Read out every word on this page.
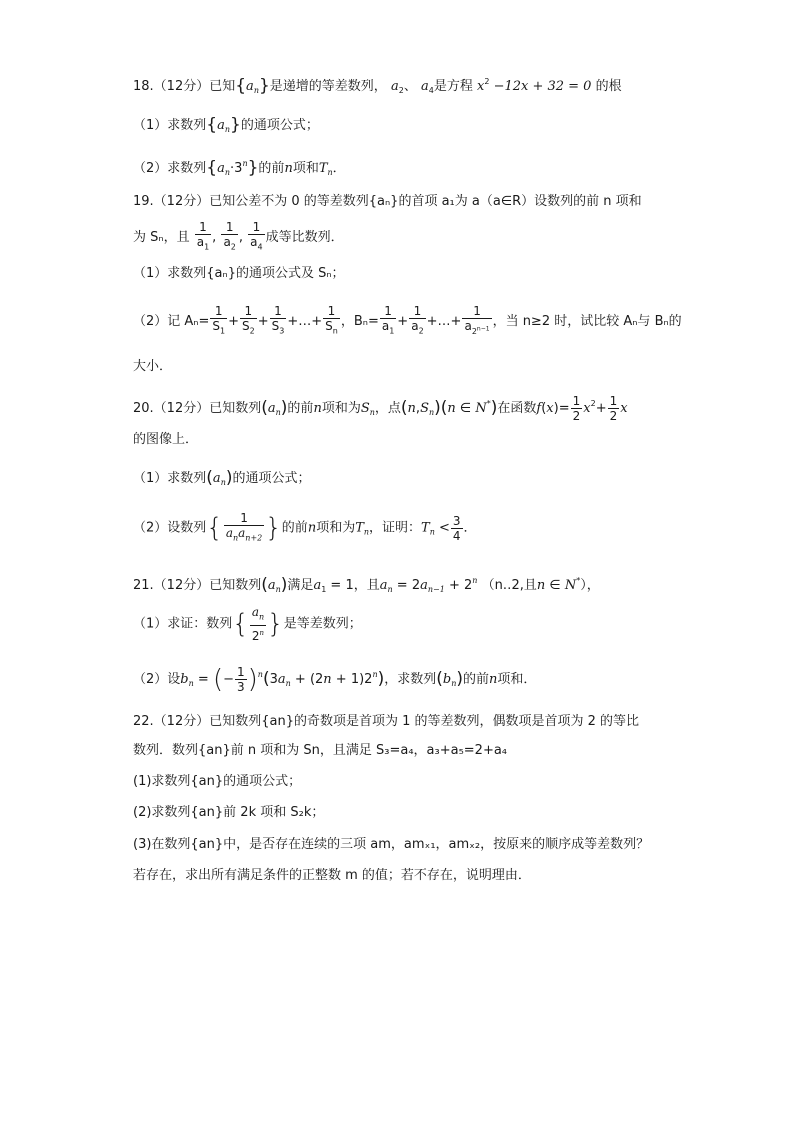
18.（12分）已知$\{a_n\}$是递增的等差数列， $a_2$、 $a_4$是方程 $x^2 -12x + 32 = 0$ 的根
（1）求数列$\{a_n\}$的通项公式；
（2）求数列$\{a_n\cdot 3^n\}$的前n项和$T_n$．
19.（12分）已知公差不为 0 的等差数列{aₙ}的首项 a₁为 a（a∈R）设数列的前 n 项和
为 Sₙ，且 $\frac{1}{a_1}$ , $\frac{1}{a_2}$ , $\frac{1}{a_4}$ 成等比数列．
（1）求数列{aₙ}的通项公式及 Sₙ；
（2）记 $A_n= \frac{1}{S_1} + \frac{1}{S_2} + \frac{1}{S_3}$ +…+ $\frac{1}{S_n}$ ，$B_n= \frac{1}{a_1} + \frac{1}{a_2}$ +…+ $\frac{1}{a_{2^{n-1}}}$ ，当 n≥2 时，试比较 Aₙ与 Bₙ的
大小．
20.（12分）已知数列$(a_n)$的前n项和为$S_n$，点$(n,S_n)(n$ ∈ N*)在函数$f(x)= \frac{1}{2} x^2+ \frac{1}{2}$ x
的图像上．
（1）求数列$(a_n)$的通项公式；
（2）设数列{ $\frac{1}{a_na_{n+2}}$ }的前n项和为$T_n$，证明：$T_n < \frac{3}{4}$ ．
21.（12分）已知数列$(a_n)$满足$a_1 = 1$，且$a_n = 2a_{n-1} + 2^n$ （n‥2,且n ∈ N*），
（1）求证：数列{ $\frac{a_n}{2^n}$ }是等差数列；
（2）设$b_n$ = (− $\frac{1}{3} )^n(3a_n + (2n + 1)2^n)$，求数列$(b_n)$的前n项和．
22.（12分）已知数列{an}的奇数项是首项为 1 的等差数列，偶数项是首项为 2 的等比
数列．数列{an}前 n 项和为 Sn，且满足 S₃=a₄，a₃+a₅=2+a₄
(1)求数列{an}的通项公式；
(2)求数列{an}前 2k 项和 S₂k；
(3)在数列{an}中，是否存在连续的三项 am，amₓ₁，amₓ₂，按原来的顺序成等差数列？
若存在，求出所有满足条件的正整数 m 的值；若不存在，说明理由．
